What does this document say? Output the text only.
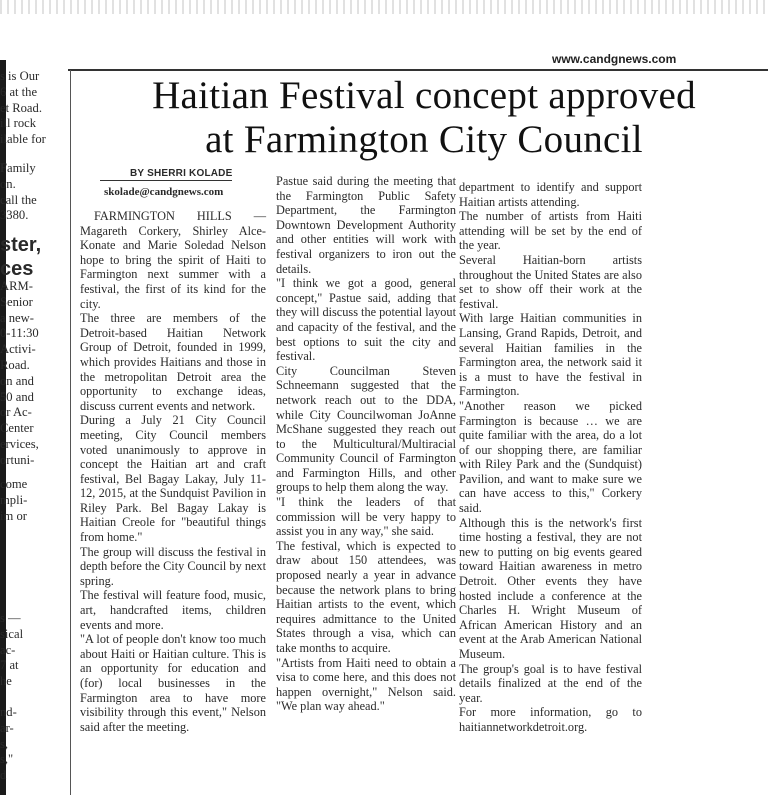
www.candgnews.com
s is Our
6 at the
et Road.
ill rock
ilable for
Family
on.
call the
3380.
ster,
ces
ARM-
Senior
a new-
0-11:30
Activi-
Road.
on and
50 and
or Ac-
Center
ervices,
ortuni-
come
mpli-
im or
s —
sical
ac-
7 at
he
nd-
ar-
s,
s,"
d
Haitian Festival concept approved
at Farmington City Council
BY SHERRI KOLADE
skolade@candgnews.com

FARMINGTON HILLS — Magareth Corkery, Shirley Alce-Konate and Marie Soledad Nelson hope to bring the spirit of Haiti to Farmington next summer with a festival, the first of its kind for the city.

The three are members of the Detroit-based Haitian Network Group of Detroit, founded in 1999, which provides Haitians and those in the metropolitan Detroit area the opportunity to exchange ideas, discuss current events and network.

During a July 21 City Council meeting, City Council members voted unanimously to approve in concept the Haitian art and craft festival, Bel Bagay Lakay, July 11-12, 2015, at the Sundquist Pavilion in Riley Park. Bel Bagay Lakay is Haitian Creole for "beautiful things from home."

The group will discuss the festival in depth before the City Council by next spring.

The festival will feature food, music, art, handcrafted items, children events and more.

"A lot of people don't know too much about Haiti or Haitian culture. This is an opportunity for education and (for) local businesses in the Farmington area to have more visibility through this event," Nelson said after the meeting.

Pastue said during the meeting that the Farmington Public Safety Department, the Farmington Downtown Development Authority and other entities will work with festival organizers to iron out the details.

"I think we got a good, general concept," Pastue said, adding that they will discuss the potential layout and capacity of the festival, and the best options to suit the city and festival.

City Councilman Steven Schneemann suggested that the network reach out to the DDA, while City Councilwoman JoAnne McShane suggested they reach out to the Multicultural/Multiracial Community Council of Farmington and Farmington Hills, and other groups to help them along the way.

"I think the leaders of that commission will be very happy to assist you in any way," she said.

The festival, which is expected to draw about 150 attendees, was proposed nearly a year in advance because the network plans to bring Haitian artists to the event, which requires admittance to the United States through a visa, which can take months to acquire.

"Artists from Haiti need to obtain a visa to come here, and this does not happen overnight," Nelson said. "We plan way ahead."

department to identify and support Haitian artists attending.

The number of artists from Haiti attending will be set by the end of the year.

Several Haitian-born artists throughout the United States are also set to show off their work at the festival.

With large Haitian communities in Lansing, Grand Rapids, Detroit, and several Haitian families in the Farmington area, the network said it is a must to have the festival in Farmington.

"Another reason we picked Farmington is because … we are quite familiar with the area, do a lot of our shopping there, are familiar with Riley Park and the (Sundquist) Pavilion, and want to make sure we can have access to this," Corkery said.

Although this is the network's first time hosting a festival, they are not new to putting on big events geared toward Haitian awareness in metro Detroit. Other events they have hosted include a conference at the Charles H. Wright Museum of African American History and an event at the Arab American National Museum.

The group's goal is to have festival details finalized at the end of the year.

For more information, go to haitiannetworkdetroit.org.
